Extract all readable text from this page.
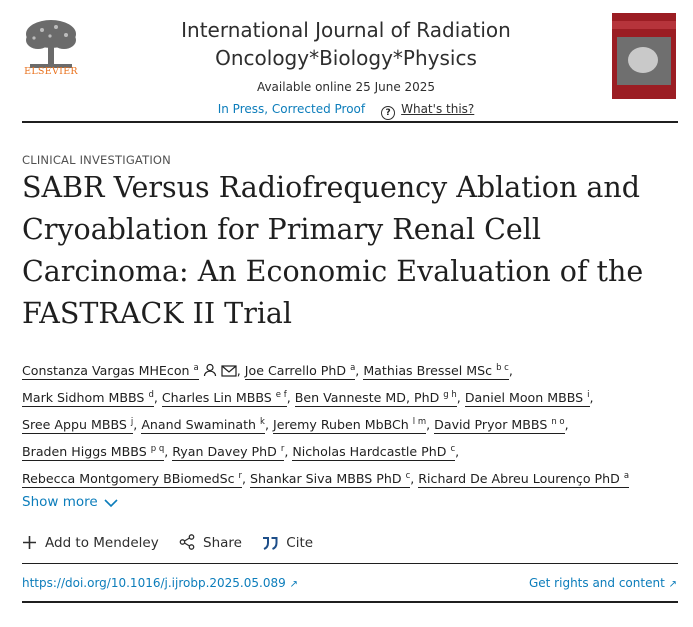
ELSEVIER
International Journal of Radiation Oncology*Biology*Physics
Available online 25 June 2025
In Press, Corrected Proof ? What's this?
CLINICAL INVESTIGATION
SABR Versus Radiofrequency Ablation and Cryoablation for Primary Renal Cell Carcinoma: An Economic Evaluation of the FASTRACK II Trial
Constanza Vargas MHEcon $^a$	, Joe Carrello PhD $^a$, Mathias Bressel MSc $^{b c}$,
Mark Sidhom MBBS $^d$, Charles Lin MBBS $^{e f}$, Ben Vanneste MD, PhD $^{g h}$, Daniel Moon MBBS $^i$,
Sree Appu MBBS $^j$, Anand Swaminath $^k$, Jeremy Ruben MbBCh $^{l m}$, David Pryor MBBS $^{n o}$,
Braden Higgs MBBS $^{p q}$, Ryan Davey PhD $^r$, Nicholas Hardcastle PhD $^c$,
Rebecca Montgomery BBiomedSc $^r$, Shankar Siva MBBS PhD $^c$, Richard De Abreu Lourenço PhD $^a$
Show more
Add to Mendeley	Share	Cite
https://doi.org/10.1016/j.ijrobp.2025.05.089 ↗	Get rights and content ↗
